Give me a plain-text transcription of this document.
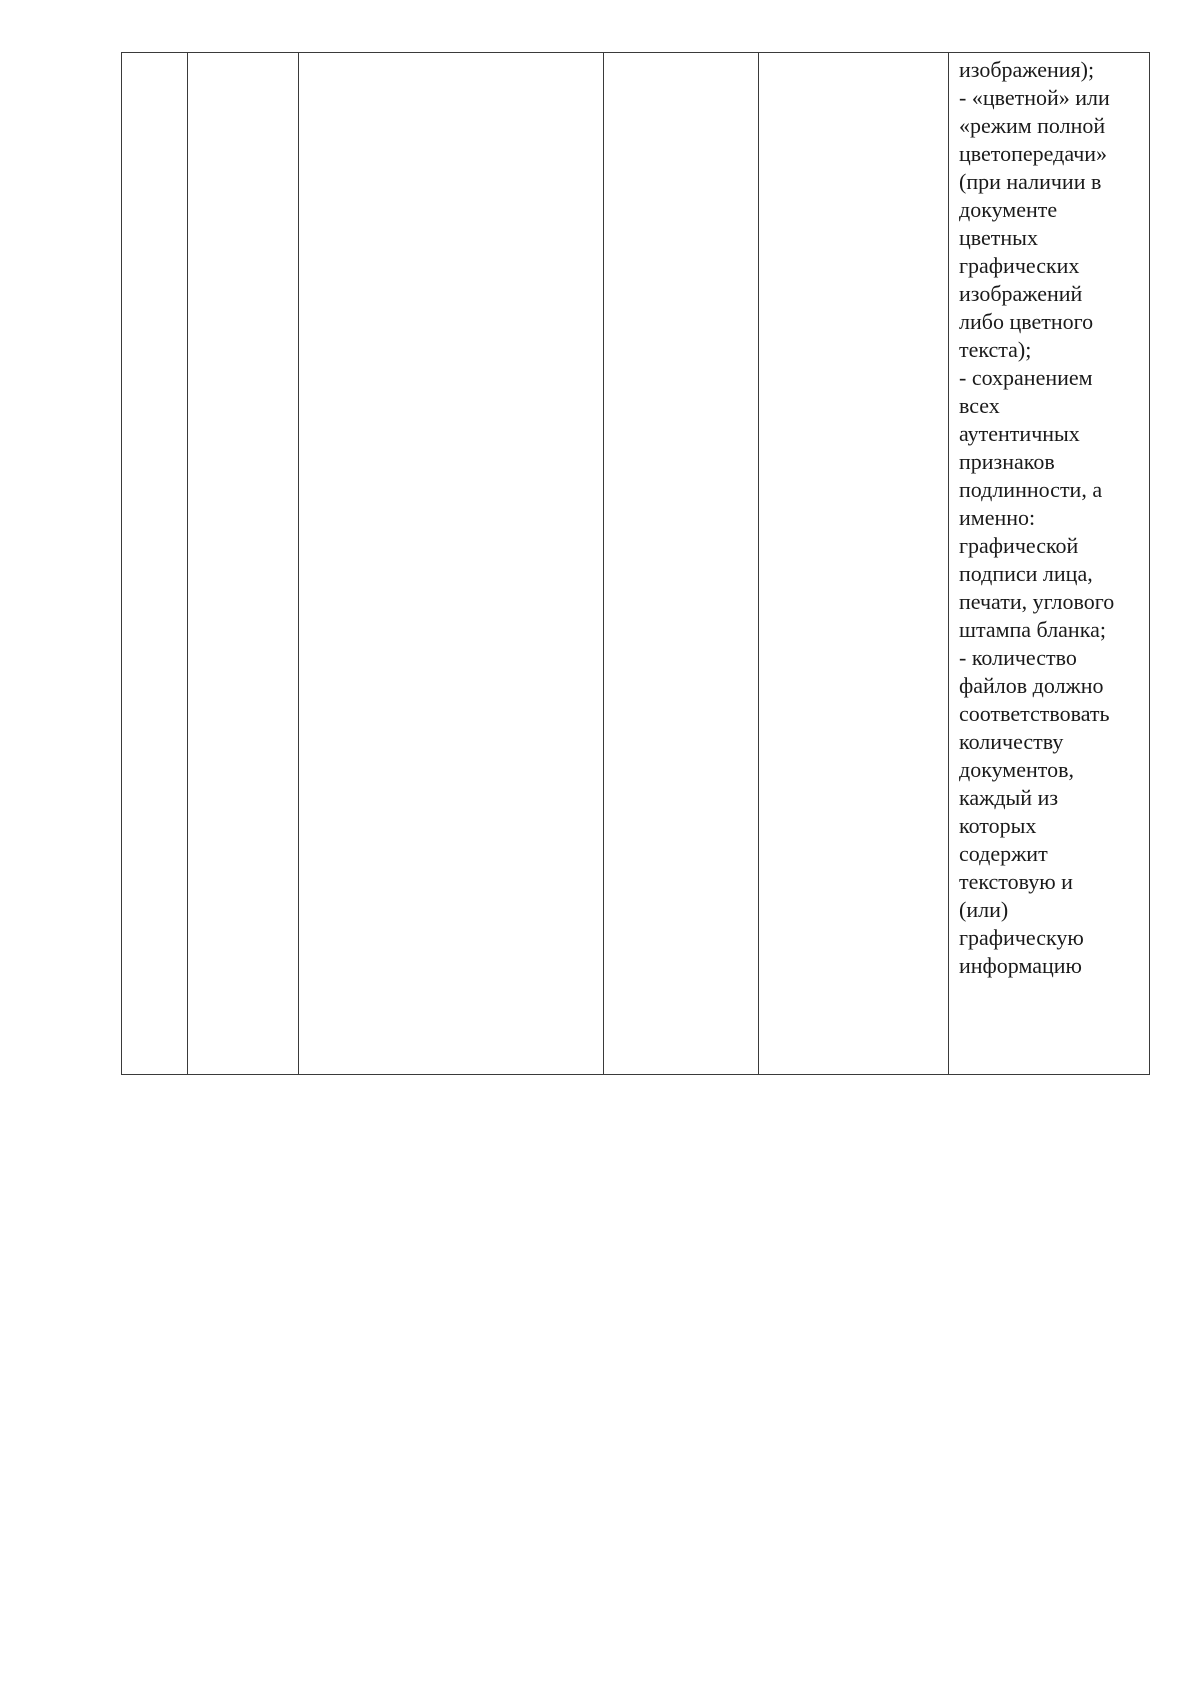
изображения);
- «цветной» или
«режим полной
цветопередачи»
(при наличии в
документе
цветных
графических
изображений
либо цветного
текста);
- сохранением
всех
аутентичных
признаков
подлинности, а
именно:
графической
подписи лица,
печати, углового
штампа бланка;
- количество
файлов должно
соответствовать
количеству
документов,
каждый из
которых
содержит
текстовую и
(или)
графическую
информацию
